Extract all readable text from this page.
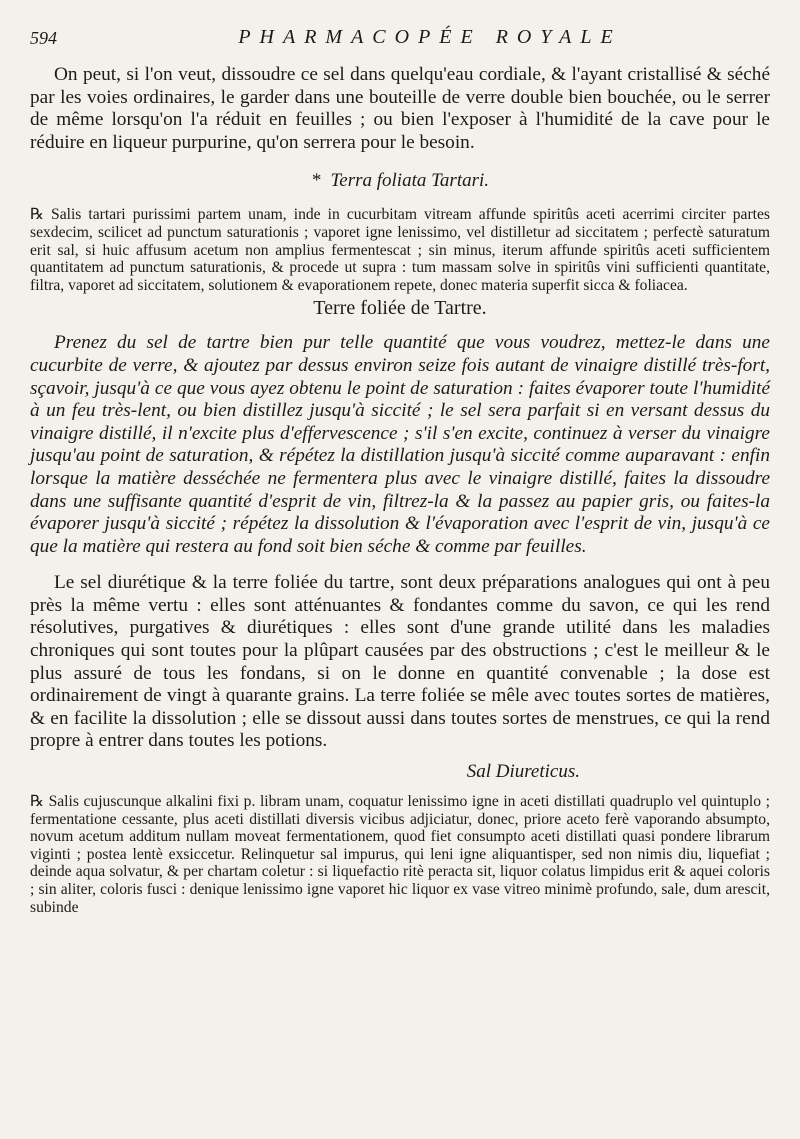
594	PHARMACOPÉE ROYALE

On peut, si l'on veut, dissoudre ce sel dans quelqu'eau cordiale, & l'ayant cristallisé & séché par les voies ordinaires, le garder dans une bouteille de verre double bien bouchée, ou le serrer de même lorsqu'on l'a réduit en feuilles ; ou bien l'exposer à l'humidité de la cave pour le réduire en liqueur purpurine, qu'on serrera pour le besoin.

* Terra foliata Tartari.

℞ Salis tartari purissimi partem unam, inde in cucurbitam vitream affunde spiritûs aceti acerrimi circiter partes sexdecim, scilicet ad punctum saturationis ; vaporet igne lenissimo, vel distilletur ad siccitatem ; perfectè saturatum erit sal, si huic affusum acetum non amplius fermentescat ; sin minus, iterum affunde spiritûs aceti sufficientem quantitatem ad punctum saturationis, & procede ut supra : tum massam solve in spiritûs vini sufficienti quantitate, filtra, vaporet ad siccitatem, solutionem & evaporationem repete, donec materia superfit sicca & foliacea.

Terre foliée de Tartre.

Prenez du sel de tartre bien pur telle quantité que vous voudrez, mettez-le dans une cucurbite de verre, & ajoutez par dessus environ seize fois autant de vinaigre distillé très-fort, sçavoir, jusqu'à ce que vous ayez obtenu le point de saturation : faites évaporer toute l'humidité à un feu très-lent, ou bien distillez jusqu'à siccité ; le sel sera parfait si en versant dessus du vinaigre distillé, il n'excite plus d'effervescence ; s'il s'en excite, continuez à verser du vinaigre jusqu'au point de saturation, & répétez la distillation jusqu'à siccité comme auparavant : enfin lorsque la matière desséchée ne fermentera plus avec le vinaigre distillé, faites la dissoudre dans une suffisante quantité d'esprit de vin, filtrez-la & la passez au papier gris, ou faites-la évaporer jusqu'à siccité ; répétez la dissolution & l'évaporation avec l'esprit de vin, jusqu'à ce que la matière qui restera au fond soit bien séche & comme par feuilles.

Le sel diurétique & la terre foliée du tartre, sont deux préparations analogues qui ont à peu près la même vertu : elles sont atténuantes & fondantes comme du savon, ce qui les rend résolutives, purgatives & diurétiques : elles sont d'une grande utilité dans les maladies chroniques qui sont toutes pour la plûpart causées par des obstructions ; c'est le meilleur & le plus assuré de tous les fondans, si on le donne en quantité convenable ; la dose est ordinairement de vingt à quarante grains. La terre foliée se mêle avec toutes sortes de matières, & en facilite la dissolution ; elle se dissout aussi dans toutes sortes de menstrues, ce qui la rend propre à entrer dans toutes les potions.

Sal Diureticus.

℞ Salis cujuscunque alkalini fixi p. libram unam, coquatur lenissimo igne in aceti distillati quadruplo vel quintuplo ; fermentatione cessante, plus aceti distillati diversis vicibus adjiciatur, donec, priore aceto ferè vaporando absumpto, novum acetum additum nullam moveat fermentationem, quod fiet consumpto aceti distillati quasi pondere librarum viginti ; postea lentè exsiccetur. Relinquetur sal impurus, qui leni igne aliquantisper, sed non nimis diu, liquefiat ; deinde aqua solvatur, & per chartam coletur : si liquefactio ritè peracta sit, liquor colatus limpidus erit & aquei coloris ; sin aliter, coloris fusci : denique lenissimo igne vaporet hic liquor ex vase vitreo minimè profundo, sale, dum arescit, subinde
